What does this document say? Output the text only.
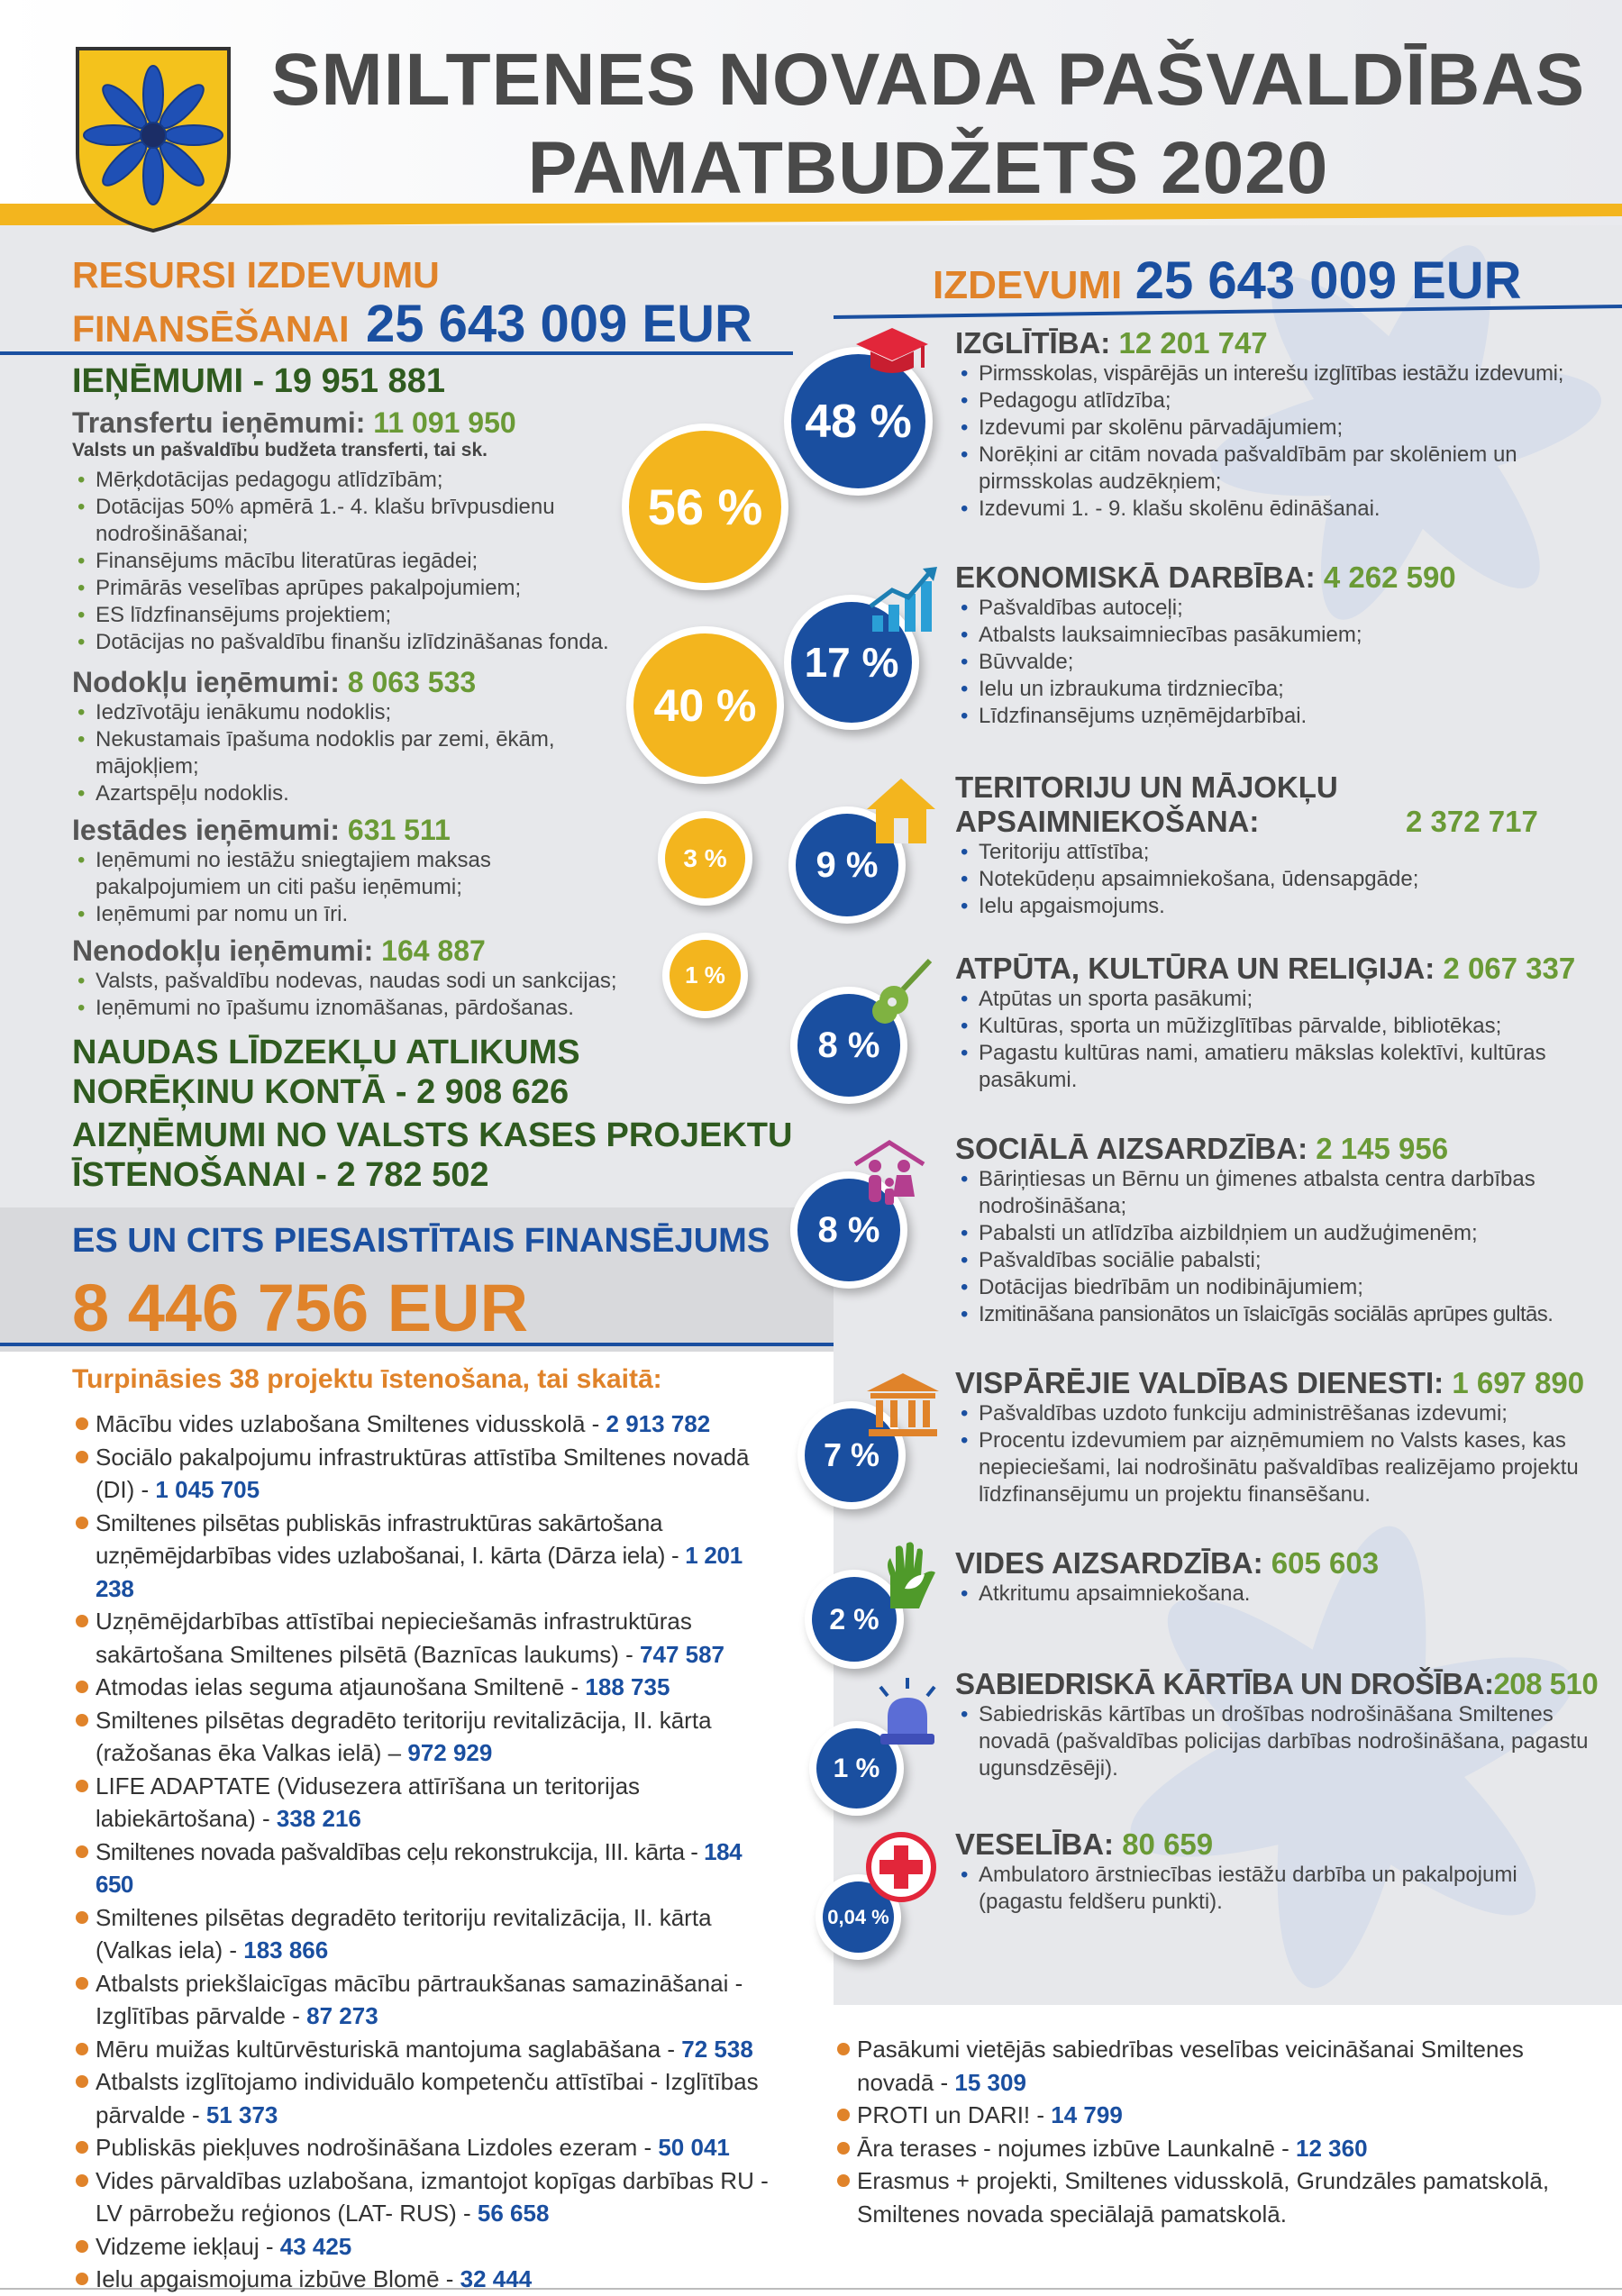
SMILTENES NOVADA PAŠVALDĪBAS
PAMATBUDŽETS 2020
RESURSI IZDEVUMU
FINANSĒŠANAI 25 643 009 EUR
IEŅĒMUMI - 19 951 881
Transfertu ieņēmumi: 11 091 950
Valsts un pašvaldību budžeta transferti, tai sk.
• Mērķdotācijas pedagogu atlīdzībām;
• Dotācijas 50% apmērā 1.- 4. klašu brīvpusdienu nodrošināšanai;
• Finansējums mācību literatūras iegādei;
• Primārās veselības aprūpes pakalpojumiem;
• ES līdzfinansējums projektiem;
• Dotācijas no pašvaldību finanšu izlīdzināšanas fonda.
56 %
Nodokļu ieņēmumi: 8 063 533
• Iedzīvotāju ienākumu nodoklis;
• Nekustamais īpašuma nodoklis par zemi, ēkām, mājokļiem;
• Azartspēļu nodoklis.
40 %
Iestādes ieņēmumi: 631 511
• Ieņēmumi no iestāžu sniegtajiem maksas pakalpojumiem un citi pašu ieņēmumi;
• Ieņēmumi par nomu un īri.
3 %
Nenodokļu ieņēmumi: 164 887
• Valsts, pašvaldību nodevas, naudas sodi un sankcijas;
• Ieņēmumi no īpašumu iznomāšanas, pārdošanas.
1 %
NAUDAS LĪDZEKĻU ATLIKUMS
NORĒĶINU KONTĀ - 2 908 626
AIZŅĒMUMI NO VALSTS KASES PROJEKTU
ĪSTENOŠANAI - 2 782 502
ES UN CITS PIESAISTĪTAIS FINANSĒJUMS
8 446 756 EUR
Turpināsies 38 projektu īstenošana, tai skaitā:
Mācību vides uzlabošana Smiltenes vidusskolā - 2 913 782
Sociālo pakalpojumu infrastruktūras attīstība Smiltenes novadā (DI) - 1 045 705
Smiltenes pilsētas publiskās infrastruktūras sakārtošana uzņēmējdarbības vides uzlabošanai, I. kārta (Dārza iela) - 1 201 238
Uzņēmējdarbības attīstībai nepieciešamās infrastruktūras sakārtošana Smiltenes pilsētā (Baznīcas laukums) - 747 587
Atmodas ielas seguma atjaunošana Smiltenē - 188 735
Smiltenes pilsētas degradēto teritoriju revitalizācija, II. kārta (ražošanas ēka Valkas ielā) – 972 929
LIFE ADAPTATE (Vidusezera attīrīšana un teritorijas labiekārtošana) - 338 216
Smiltenes novada pašvaldības ceļu rekonstrukcija, III. kārta - 184 650
Smiltenes pilsētas degradēto teritoriju revitalizācija, II. kārta (Valkas iela) - 183 866
Atbalsts priekšlaicīgas mācību pārtraukšanas samazināšanai - Izglītības pārvalde - 87 273
Mēru muižas kultūrvēsturiskā mantojuma saglabāšana - 72 538
Atbalsts izglītojamo individuālo kompetenču attīstībai - Izglītības pārvalde - 51 373
Publiskās piekļuves nodrošināšana Lizdoles ezeram - 50 041
Vides pārvaldības uzlabošana, izmantojot kopīgas darbības RU - LV pārrobežu reģionos (LAT- RUS) - 56 658
Vidzeme iekļauj - 43 425
Ielu apgaismojuma izbūve Blomē - 32 444
Pasākumi vietējās sabiedrības veselības veicināšanai Smiltenes novadā - 15 309
PROTI un DARI! - 14 799
Āra terases - nojumes izbūve Launkalnē - 12 360
Erasmus + projekti, Smiltenes vidusskolā, Grundzāles pamatskolā, Smiltenes novada speciālajā pamatskolā.
IZDEVUMI 25 643 009 EUR
48 %
IZGLĪTĪBA: 12 201 747
• Pirmsskolas, vispārējās un interešu izglītības iestāžu izdevumi;
• Pedagogu atlīdzība;
• Izdevumi par skolēnu pārvadājumiem;
• Norēķini ar citām novada pašvaldībām par skolēniem un pirmsskolas audzēkņiem;
• Izdevumi 1. - 9. klašu skolēnu ēdināšanai.
17 %
EKONOMISKĀ DARBĪBA: 4 262 590
• Pašvaldības autoceļi;
• Atbalsts lauksaimniecības pasākumiem;
• Būvvalde;
• Ielu un izbraukuma tirdzniecība;
• Līdzfinansējums uzņēmējdarbībai.
9 %
TERITORIJU UN MĀJOKĻU APSAIMNIEKOŠANA:	2 372 717
• Teritoriju attīstība;
• Notekūdeņu apsaimniekošana, ūdensapgāde;
• Ielu apgaismojums.
8 %
ATPŪTA, KULTŪRA UN RELIĢIJA: 2 067 337
• Atpūtas un sporta pasākumi;
• Kultūras, sporta un mūžizglītības pārvalde, bibliotēkas;
• Pagastu kultūras nami, amatieru mākslas kolektīvi, kultūras pasākumi.
8 %
SOCIĀLĀ AIZSARDZĪBA: 2 145 956
• Bāriņtiesas un Bērnu un ģimenes atbalsta centra darbības nodrošināšana;
• Pabalsti un atlīdzība aizbildņiem un audžuģimenēm;
• Pašvaldības sociālie pabalsti;
• Dotācijas biedrībām un nodibinājumiem;
• Izmitināšana pansionātos un īslaicīgās sociālās aprūpes gultās.
7 %
VISPĀRĒJIE VALDĪBAS DIENESTI: 1 697 890
• Pašvaldības uzdoto funkciju administrēšanas izdevumi;
• Procentu izdevumiem par aizņēmumiem no Valsts kases, kas nepieciešami, lai nodrošinātu pašvaldības realizējamo projektu līdzfinansējumu un projektu finansēšanu.
2 %
VIDES AIZSARDZĪBA: 605 603
• Atkritumu apsaimniekošana.
1 %
SABIEDRISKĀ KĀRTĪBA UN DROŠĪBA:208 510
• Sabiedriskās kārtības un drošības nodrošināšana Smiltenes novadā (pašvaldības policijas darbības nodrošināšana, pagastu ugunsdzēsēji).
0,04 %
VESELĪBA: 80 659
• Ambulatoro ārstniecības iestāžu darbība un pakalpojumi (pagastu feldšeru punkti).
